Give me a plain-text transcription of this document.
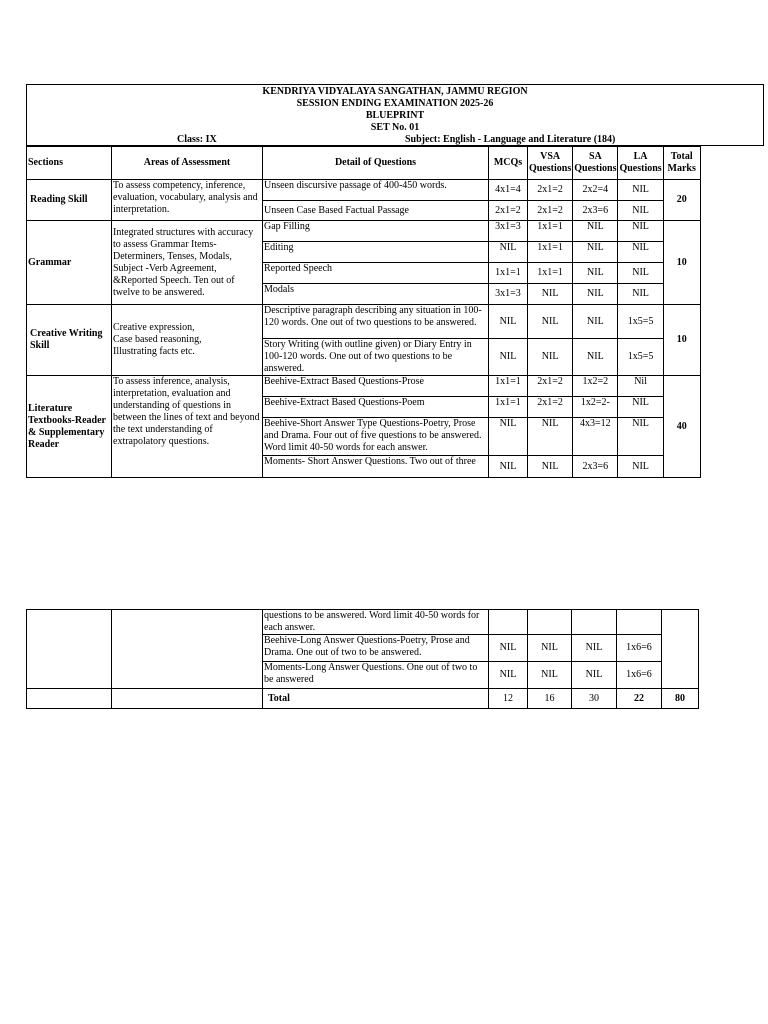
KENDRIYA VIDYALAYA SANGATHAN, JAMMU REGION
SESSION ENDING EXAMINATION 2025-26
BLUEPRINT
SET No. 01
Class: IX	Subject: English - Language and Literature (184)
Sections	Areas of Assessment	Detail of Questions	MCQs	VSA Questions	SA Questions	LA Questions	Total Marks
Reading Skill	To assess competency, inference, evaluation, vocabulary, analysis and interpretation.	Unseen discursive passage of 400-450 words.	4x1=4	2x1=2	2x2=4	NIL	20
		Unseen Case Based Factual Passage	2x1=2	2x1=2	2x3=6	NIL	
Grammar	Integrated structures with accuracy to assess Grammar Items-Determiners, Tenses, Modals, Subject -Verb Agreement, &Reported Speech. Ten out of twelve to be answered.	Gap Filling	3x1=3	1x1=1	NIL	NIL	10
		Editing	NIL	1x1=1	NIL	NIL	
		Reported Speech	1x1=1	1x1=1	NIL	NIL	
		Modals	3x1=3	NIL	NIL	NIL	
Creative Writing Skill	Creative expression,
Case based reasoning,
Illustrating facts etc.	Descriptive paragraph describing any situation in 100-120 words. One out of two questions to be answered.	NIL	NIL	NIL	1x5=5	10
		Story Writing (with outline given) or Diary Entry in 100-120 words. One out of two questions to be answered.	NIL	NIL	NIL	1x5=5	
Literature Textbooks-Reader & Supplementary Reader	To assess inference, analysis, interpretation, evaluation and understanding of questions in between the lines of text and beyond the text understanding of extrapolatory questions.	Beehive-Extract Based Questions-Prose	1x1=1	2x1=2	1x2=2	Nil	40
		Beehive-Extract Based Questions-Poem	1x1=1	2x1=2	1x2=2-	NIL	
		Beehive-Short Answer Type Questions-Poetry, Prose and Drama. Four out of five questions to be answered. Word limit 40-50 words for each answer.	NIL	NIL	4x3=12	NIL	
		Moments- Short Answer Questions. Two out of three	NIL	NIL	2x3=6	NIL	
		questions to be answered. Word limit 40-50 words for each answer.					
		Beehive-Long Answer Questions-Poetry, Prose and Drama. One out of two to be answered.	NIL	NIL	NIL	1x6=6	
		Moments-Long Answer Questions. One out of two to be answered	NIL	NIL	NIL	1x6=6	
		Total	12	16	30	22	80
